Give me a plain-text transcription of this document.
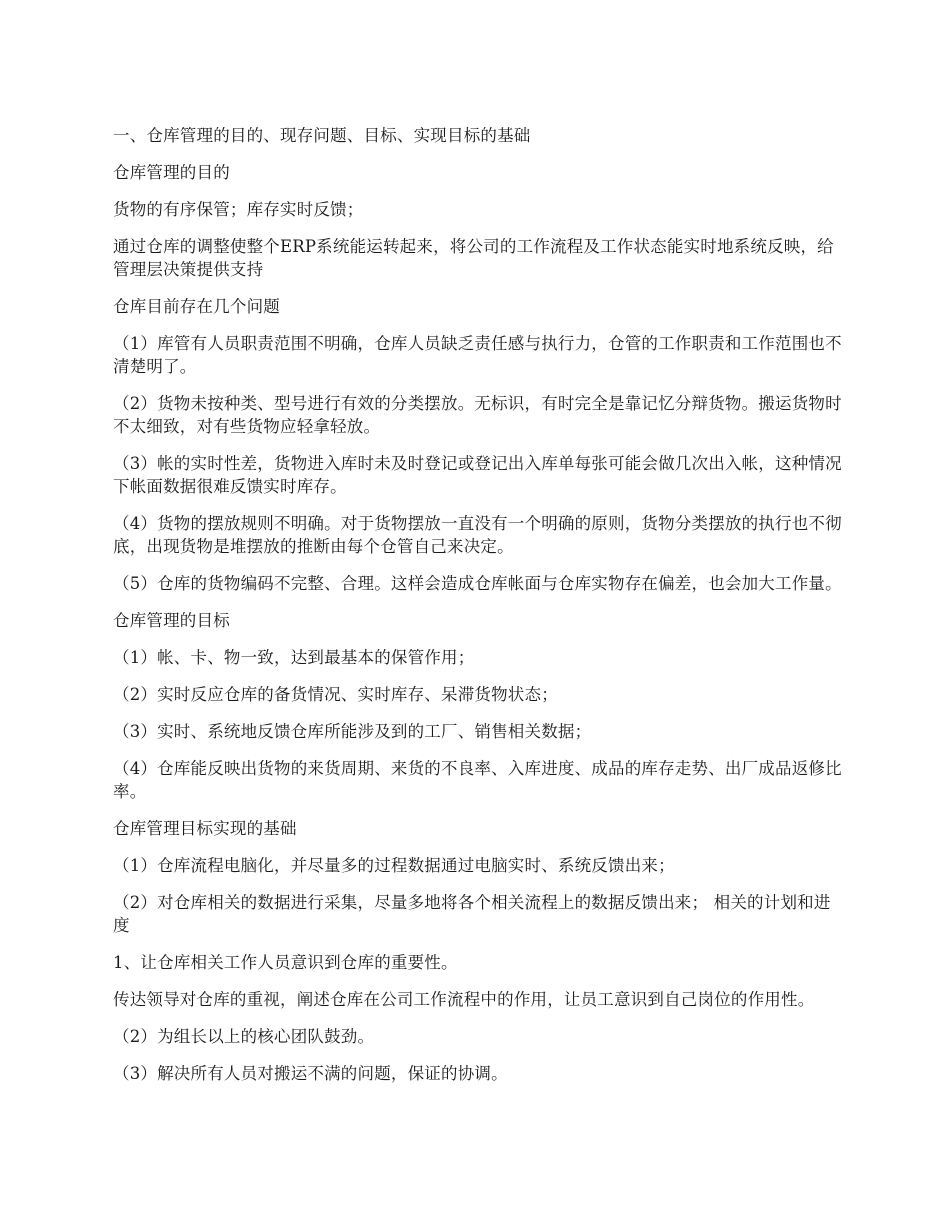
一、仓库管理的目的、现存问题、目标、实现目标的基础

仓库管理的目的

货物的有序保管；库存实时反馈；

通过仓库的调整使整个ERP系统能运转起来，将公司的工作流程及工作状态能实时地系统反映，给管理层决策提供支持

仓库目前存在几个问题

（1）库管有人员职责范围不明确，仓库人员缺乏责任感与执行力，仓管的工作职责和工作范围也不清楚明了。

（2）货物未按种类、型号进行有效的分类摆放。无标识，有时完全是靠记忆分辩货物。搬运货物时不太细致，对有些货物应轻拿轻放。

（3）帐的实时性差，货物进入库时未及时登记或登记出入库单每张可能会做几次出入帐，这种情况下帐面数据很难反馈实时库存。

（4）货物的摆放规则不明确。对于货物摆放一直没有一个明确的原则，货物分类摆放的执行也不彻底，出现货物是堆摆放的推断由每个仓管自己来决定。

（5）仓库的货物编码不完整、合理。这样会造成仓库帐面与仓库实物存在偏差，也会加大工作量。

仓库管理的目标

（1）帐、卡、物一致，达到最基本的保管作用；

（2）实时反应仓库的备货情况、实时库存、呆滞货物状态；

（3）实时、系统地反馈仓库所能涉及到的工厂、销售相关数据；

（4）仓库能反映出货物的来货周期、来货的不良率、入库进度、成品的库存走势、出厂成品返修比率。

仓库管理目标实现的基础

（1）仓库流程电脑化，并尽量多的过程数据通过电脑实时、系统反馈出来；

（2）对仓库相关的数据进行采集，尽量多地将各个相关流程上的数据反馈出来； 相关的计划和进度

1、让仓库相关工作人员意识到仓库的重要性。

传达领导对仓库的重视，阐述仓库在公司工作流程中的作用，让员工意识到自己岗位的作用性。

（2）为组长以上的核心团队鼓劲。

（3）解决所有人员对搬运不满的问题，保证的协调。
